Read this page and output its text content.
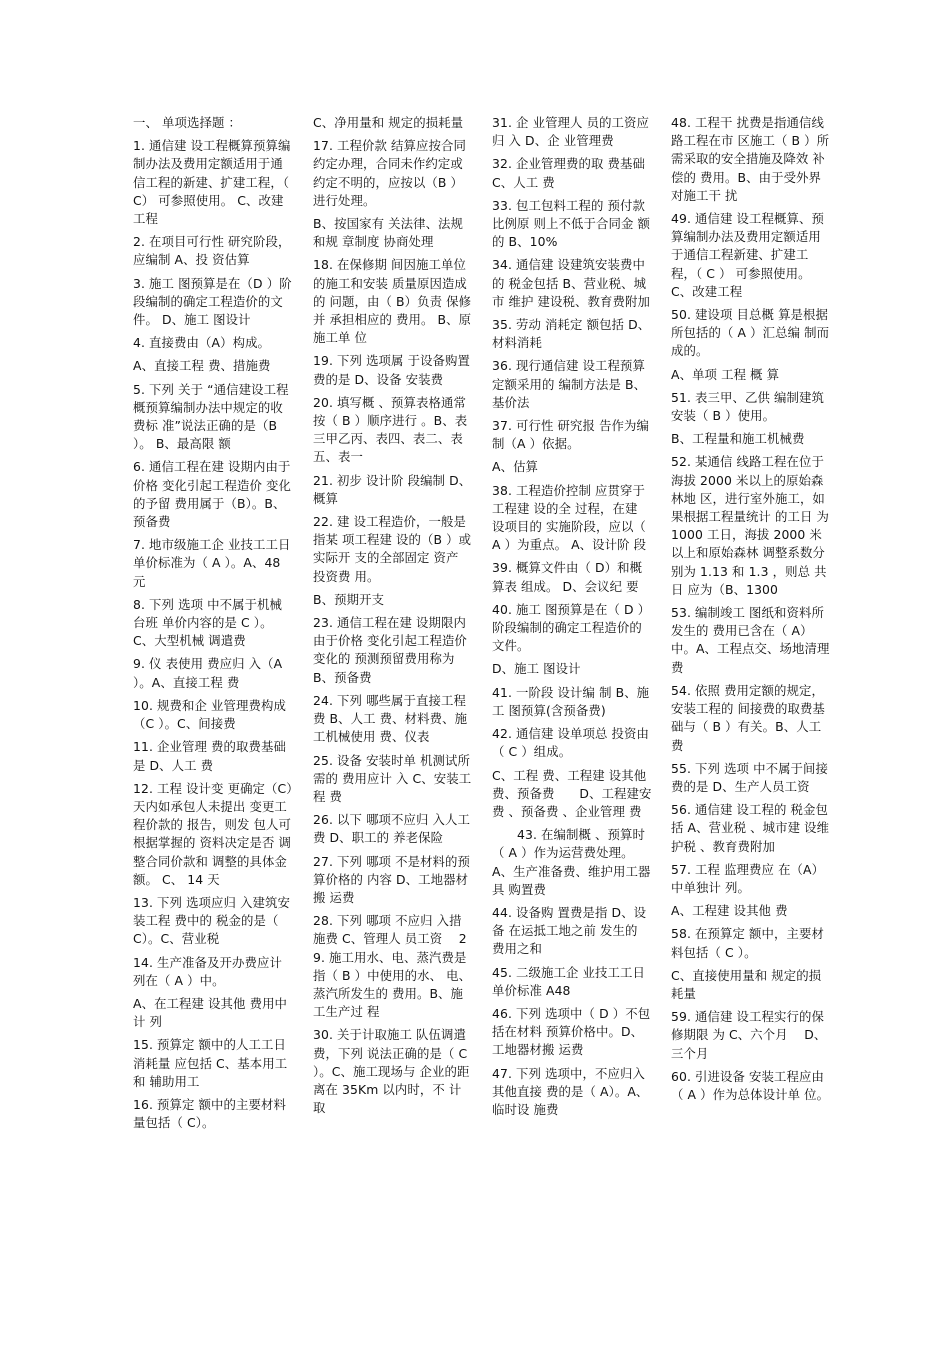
一、 单项选择题 ：

1. 通信建 设工程概算预算编制办法及费用定额适用于通信工程的新建、扩建工程，（ C） 可参照使用。 C、改建工程

2. 在项目可行性 研究阶段， 应编制 A、投 资估算

3. 施工 图预算是在（D ）阶段编制的确定工程造价的文件。 D、施工 图设计

4. 直接费由（A）构成。

A、直接工程 费、措施费

5. 下列 关于 “通信建设工程概预算编制办法中规定的收 费标 准”说法正确的是（B ）。 B、最高限 额

6. 通信工程在建 设期内由于价格 变化引起工程造价 变化的予留 费用属于（B）。B、预备费

7. 地市级施工企 业技工工日 单价标准为（ A ）。A、48 元

8. 下列 选项 中不属于机械台班 单价内容的是 C ）。C、大型机械 调遣费

9. 仪 表使用 费应归 入（A ）。A、直接工程 费

10. 规费和企 业管理费构成（C ）。C、间接费

11. 企业管理 费的取费基础是 D、人工 费

12. 工程 设计变 更确定（C）天内如承包人未提出 变更工程价款的 报告，则发 包人可根据掌握的 资料决定是否 调整合同价款和 调整的具体金额。 C、 14 天

13. 下列 选项应归 入建筑安装工程 费中的 税金的是（ C）。C、营业税

14. 生产准备及开办费应计 列在（ A ）中。

A、在工程建 设其他 费用中 计 列

15. 预算定 额中的人工工日消耗量 应包括 C、基本用工和 辅助用工

16. 预算定 额中的主要材料量包括（ C）。

C、净用量和 规定的损耗量

17. 工程价款 结算应按合同约定办理，合同未作约定或 约定不明的，应按以（B ）进行处理。

B、按国家有 关法律、法规和规 章制度 协商处理

18. 在保修期 间因施工单位的施工和安装 质量原因造成的 问题，由（ B）负责 保修并 承担相应的 费用。 B、原施工单 位

19. 下列 选项属 于设备购置费的是 D、设备 安装费

20. 填写概 、预算表格通常按（ B ）顺序进行 。B、表三甲乙丙、表四、表二、表五、表一

21. 初步 设计阶 段编制 D、概算

22. 建 设工程造价，一般是指某 项工程建 设的（B ）或实际开 支的全部固定 资产 投资费 用。

B、预期开支

23. 通信工程在建 设期限内由于价格 变化引起工程造价 变化的 预测预留费用称为 B、预备费

24. 下列 哪些属于直接工程 费 B、人工 费、材料费、施工机械使用 费、仪表

25. 设备 安装时单 机测试所需的 费用应计 入 C、安装工程 费

26. 以下 哪项不应归 入人工费 D、职工的 养老保险

27. 下列 哪项 不是材料的预算价格的 内容 D、工地器材搬 运费

28. 下列 哪项 不应归 入措施费 C、管理人 员工资　 29. 施工用水、电、蒸汽费是指（ B ）中使用的水、 电、蒸汽所发生的 费用。B、施工生产过 程

30. 关于计取施工 队伍调遣费，下列 说法正确的是（ C ）。C、施工现场与 企业的距离在 35Km 以内时，不 计取

31. 企 业管理人 员的工资应归 入 D、企 业管理费

32. 企业管理费的取 费基础 C、人工 费

33. 包工包料工程的 预付款比例原 则上不低于合同金 额的 B、10%

34. 通信建 设建筑安装费中的 税金包括 B、营业税、城市 维护 建设税、教育费附加

35. 劳动 消耗定 额包括 D、材料消耗

36. 现行通信建 设工程预算定额采用的 编制方法是 B、基价法

37. 可行性 研究报 告作为编制（A ）依据。

A、估算

38. 工程造价控制 应贯穿于工程建 设的全 过程，在建 设项目的 实施阶段，应以（ A ）为重点。 A、设计阶 段

39. 概算文件由（ D）和概算表 组成。 D、会议纪 要

40. 施工 图预算是在（ D ）阶段编制的确定工程造价的文件。

D、施工 图设计

41. 一阶段 设计编 制 B、施工 图预算(含预备费)

42. 通信建 设单项总 投资由（ C ）组成。

C、工程 费、工程建 设其他 费、预备费　　D、工程建安 费 、预备费 、企业管理 费

　　43. 在编制概 、预算时（ A ）作为运营费处理。 A、生产准备费、维护用工器具 购置费

44. 设备购 置费是指 D、设备 在运抵工地之前 发生的 费用之和

45. 二级施工企 业技工工日 单价标准 A48

46. 下列 选项中（ D ）不包括在材料 预算价格中。D、工地器材搬 运费

47. 下列 选项中，不应归入其他直接 费的是（ A）。A、临时设 施费

48. 工程干 扰费是指通信线路工程在市 区施工（ B ）所需采取的安全措施及降效 补偿的 费用。B、由于受外界 对施工干 扰

49. 通信建 设工程概算、预算编制办法及费用定额适用于通信工程新建、扩建工程，（ C ） 可参照使用。 C、改建工程

50. 建设项 目总概 算是根据所包括的（ A ）汇总编 制而成的。

A、单项 工程 概 算

51. 表三甲、乙供 编制建筑安装（ B ）使用。

B、工程量和施工机械费

52. 某通信 线路工程在位于海拔 2000 米以上的原始森林地 区，进行室外施工，如果根据工程量统计 的工日 为 1000 工日，海拔 2000 米以上和原始森林 调整系数分别为 1.13 和 1.3 ，则总 共日 应为（B、1300

53. 编制竣工 图纸和资料所发生的 费用已含在（ A）中。A、工程点交、场地清理 费

54. 依照 费用定额的规定，安装工程的 间接费的取费基础与（ B ）有关。B、人工 费

55. 下列 选项 中不属于间接费的是 D、生产人员工资

56. 通信建 设工程的 税金包括 A、营业税 、城市建 设维护税 、教育费附加

57. 工程 监理费应 在（A）中单独计 列。

A、工程建 设其他 费

58. 在预算定 额中，主要材料包括（ C ）。

C、直接使用量和 规定的损耗量

59. 通信建 设工程实行的保修期限 为 C、六个月　 D、三个月

60. 引进设备 安装工程应由（ A ）作为总体设计单 位。
